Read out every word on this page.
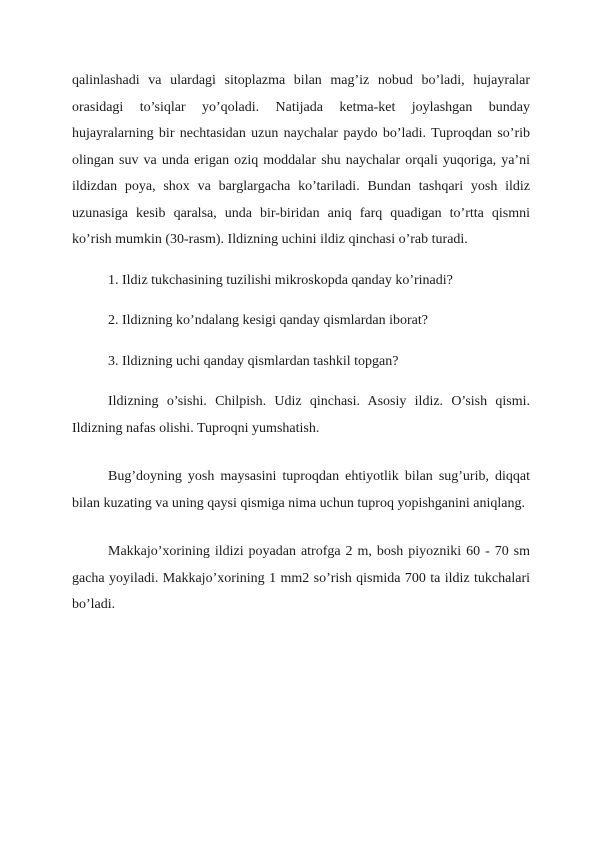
qalinlashadi va ulardagi sitoplazma bilan mag’iz nobud bo’ladi, hujayralar orasidagi to’siqlar yo’qoladi. Natijada ketma-ket joylashgan bunday hujayralarning bir nechtasidan uzun naychalar paydo bo’ladi. Tuproqdan so’rib olingan suv va unda erigan oziq moddalar shu naychalar orqali yuqoriga, ya’ni ildizdan poya, shox va barglargacha ko’tariladi. Bundan tashqari yosh ildiz uzunasiga kesib qaralsa, unda bir-biridan aniq farq quadigan to’rtta qismni ko’rish mumkin (30-rasm). Ildizning uchini ildiz qinchasi o’rab turadi.

1. Ildiz tukchasining tuzilishi mikroskopda qanday ko’rinadi?

2. Ildizning ko’ndalang kesigi qanday qismlardan iborat?

3. Ildizning uchi qanday qismlardan tashkil topgan?

Ildizning o’sishi. Chilpish. Udiz qinchasi. Asosiy ildiz. O’sish qismi. Ildizning nafas olishi. Tuproqni yumshatish.

Bug’doyning yosh maysasini tuproqdan ehtiyotlik bilan sug’urib, diqqat bilan kuzating va uning qaysi qismiga nima uchun tuproq yopishganini aniqlang.

Makkajo’xorining ildizi poyadan atrofga 2 m, bosh piyozniki 60 - 70 sm gacha yoyiladi. Makkajo’xorining 1 mm2 so’rish qismida 700 ta ildiz tukchalari bo’ladi.
